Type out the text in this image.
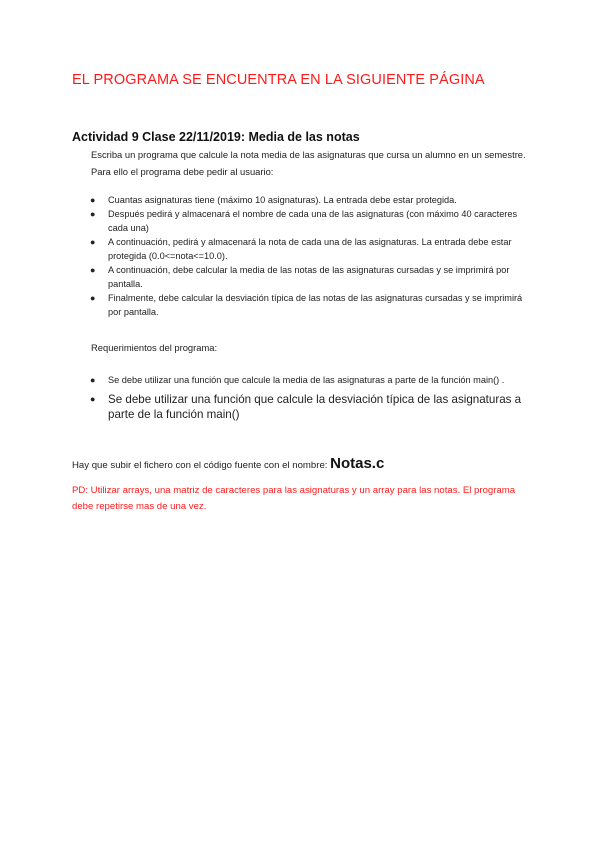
EL PROGRAMA SE ENCUENTRA EN LA SIGUIENTE PÁGINA

Actividad 9 Clase 22/11/2019: Media de las notas

Escriba un programa que calcule la nota media de las asignaturas que cursa un alumno en un semestre. Para ello el programa debe pedir al usuario:

● Cuantas asignaturas tiene (máximo 10 asignaturas). La entrada debe estar protegida.
● Después pedirá y almacenará el nombre de cada una de las asignaturas (con máximo 40 caracteres cada una)
● A continuación, pedirá y almacenará la nota de cada una de las asignaturas. La entrada debe estar protegida (0.0<=nota<=10.0).
● A continuación, debe calcular la media de las notas de las asignaturas cursadas y se imprimirá por pantalla.
● Finalmente, debe calcular la desviación típica de las notas de las asignaturas cursadas y se imprimirá por pantalla.

Requerimientos del programa:

● Se debe utilizar una función que calcule la media de las asignaturas a parte de la función main() .
● Se debe utilizar una función que calcule la desviación típica de las asignaturas a parte de la función main()

Hay que subir el fichero con el código fuente con el nombre: Notas.c

PD: Utilizar arrays, una matriz de caracteres para las asignaturas y un array para las notas. El programa debe repetirse mas de una vez.
